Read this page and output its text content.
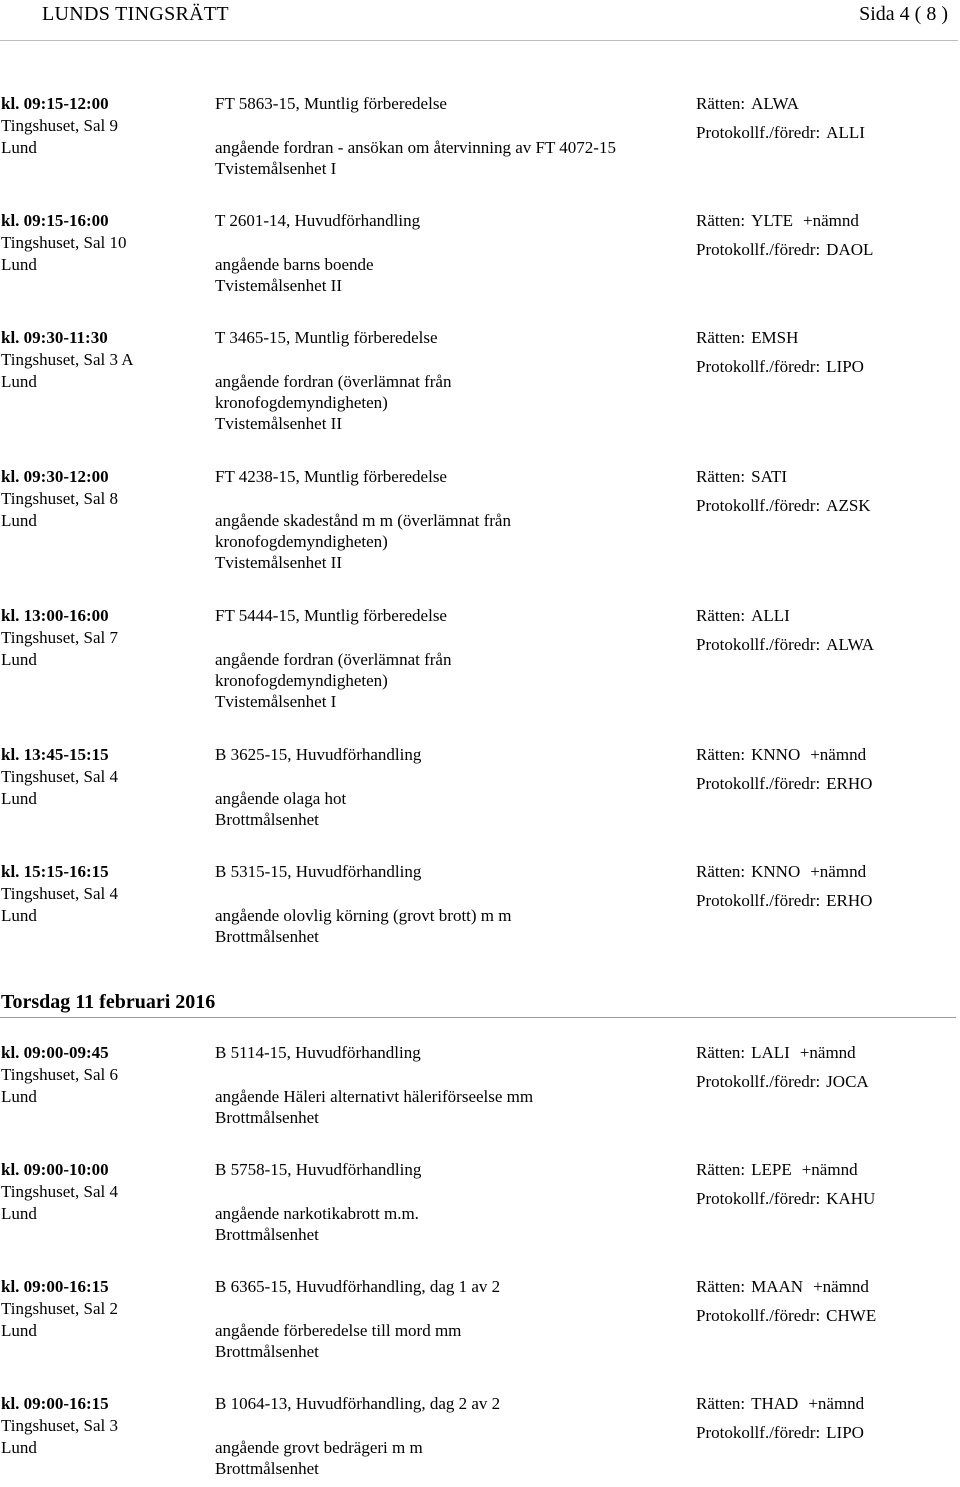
LUNDS TINGSRÄTT	Sida 4 ( 8 )
kl. 09:15-12:00
Tingshuset, Sal 9
Lund
FT 5863-15, Muntlig förberedelse
angående fordran - ansökan om återvinning av FT 4072-15
Tvistemålsenhet I
Rätten: ALWA
Protokollf./föredr: ALLI
kl. 09:15-16:00
Tingshuset, Sal 10
Lund
T 2601-14, Huvudförhandling
angående barns boende
Tvistemålsenhet II
Rätten: YLTE +nämnd
Protokollf./föredr: DAOL
kl. 09:30-11:30
Tingshuset, Sal 3 A
Lund
T 3465-15, Muntlig förberedelse
angående fordran (överlämnat från
kronofogdemyndigheten)
Tvistemålsenhet II
Rätten: EMSH
Protokollf./föredr: LIPO
kl. 09:30-12:00
Tingshuset, Sal 8
Lund
FT 4238-15, Muntlig förberedelse
angående skadestånd m m (överlämnat från
kronofogdemyndigheten)
Tvistemålsenhet II
Rätten: SATI
Protokollf./föredr: AZSK
kl. 13:00-16:00
Tingshuset, Sal 7
Lund
FT 5444-15, Muntlig förberedelse
angående fordran (överlämnat från
kronofogdemyndigheten)
Tvistemålsenhet I
Rätten: ALLI
Protokollf./föredr: ALWA
kl. 13:45-15:15
Tingshuset, Sal 4
Lund
B 3625-15, Huvudförhandling
angående olaga hot
Brottmålsenhet
Rätten: KNNO +nämnd
Protokollf./föredr: ERHO
kl. 15:15-16:15
Tingshuset, Sal 4
Lund
B 5315-15, Huvudförhandling
angående olovlig körning (grovt brott) m m
Brottmålsenhet
Rätten: KNNO +nämnd
Protokollf./föredr: ERHO
Torsdag 11 februari 2016
kl. 09:00-09:45
Tingshuset, Sal 6
Lund
B 5114-15, Huvudförhandling
angående Häleri alternativt häleriförseelse mm
Brottmålsenhet
Rätten: LALI +nämnd
Protokollf./föredr: JOCA
kl. 09:00-10:00
Tingshuset, Sal 4
Lund
B 5758-15, Huvudförhandling
angående narkotikabrott m.m.
Brottmålsenhet
Rätten: LEPE +nämnd
Protokollf./föredr: KAHU
kl. 09:00-16:15
Tingshuset, Sal 2
Lund
B 6365-15, Huvudförhandling, dag 1 av 2
angående förberedelse till mord mm
Brottmålsenhet
Rätten: MAAN +nämnd
Protokollf./föredr: CHWE
kl. 09:00-16:15
Tingshuset, Sal 3
Lund
B 1064-13, Huvudförhandling, dag 2 av 2
angående grovt bedrägeri m m
Brottmålsenhet
Rätten: THAD +nämnd
Protokollf./föredr: LIPO
